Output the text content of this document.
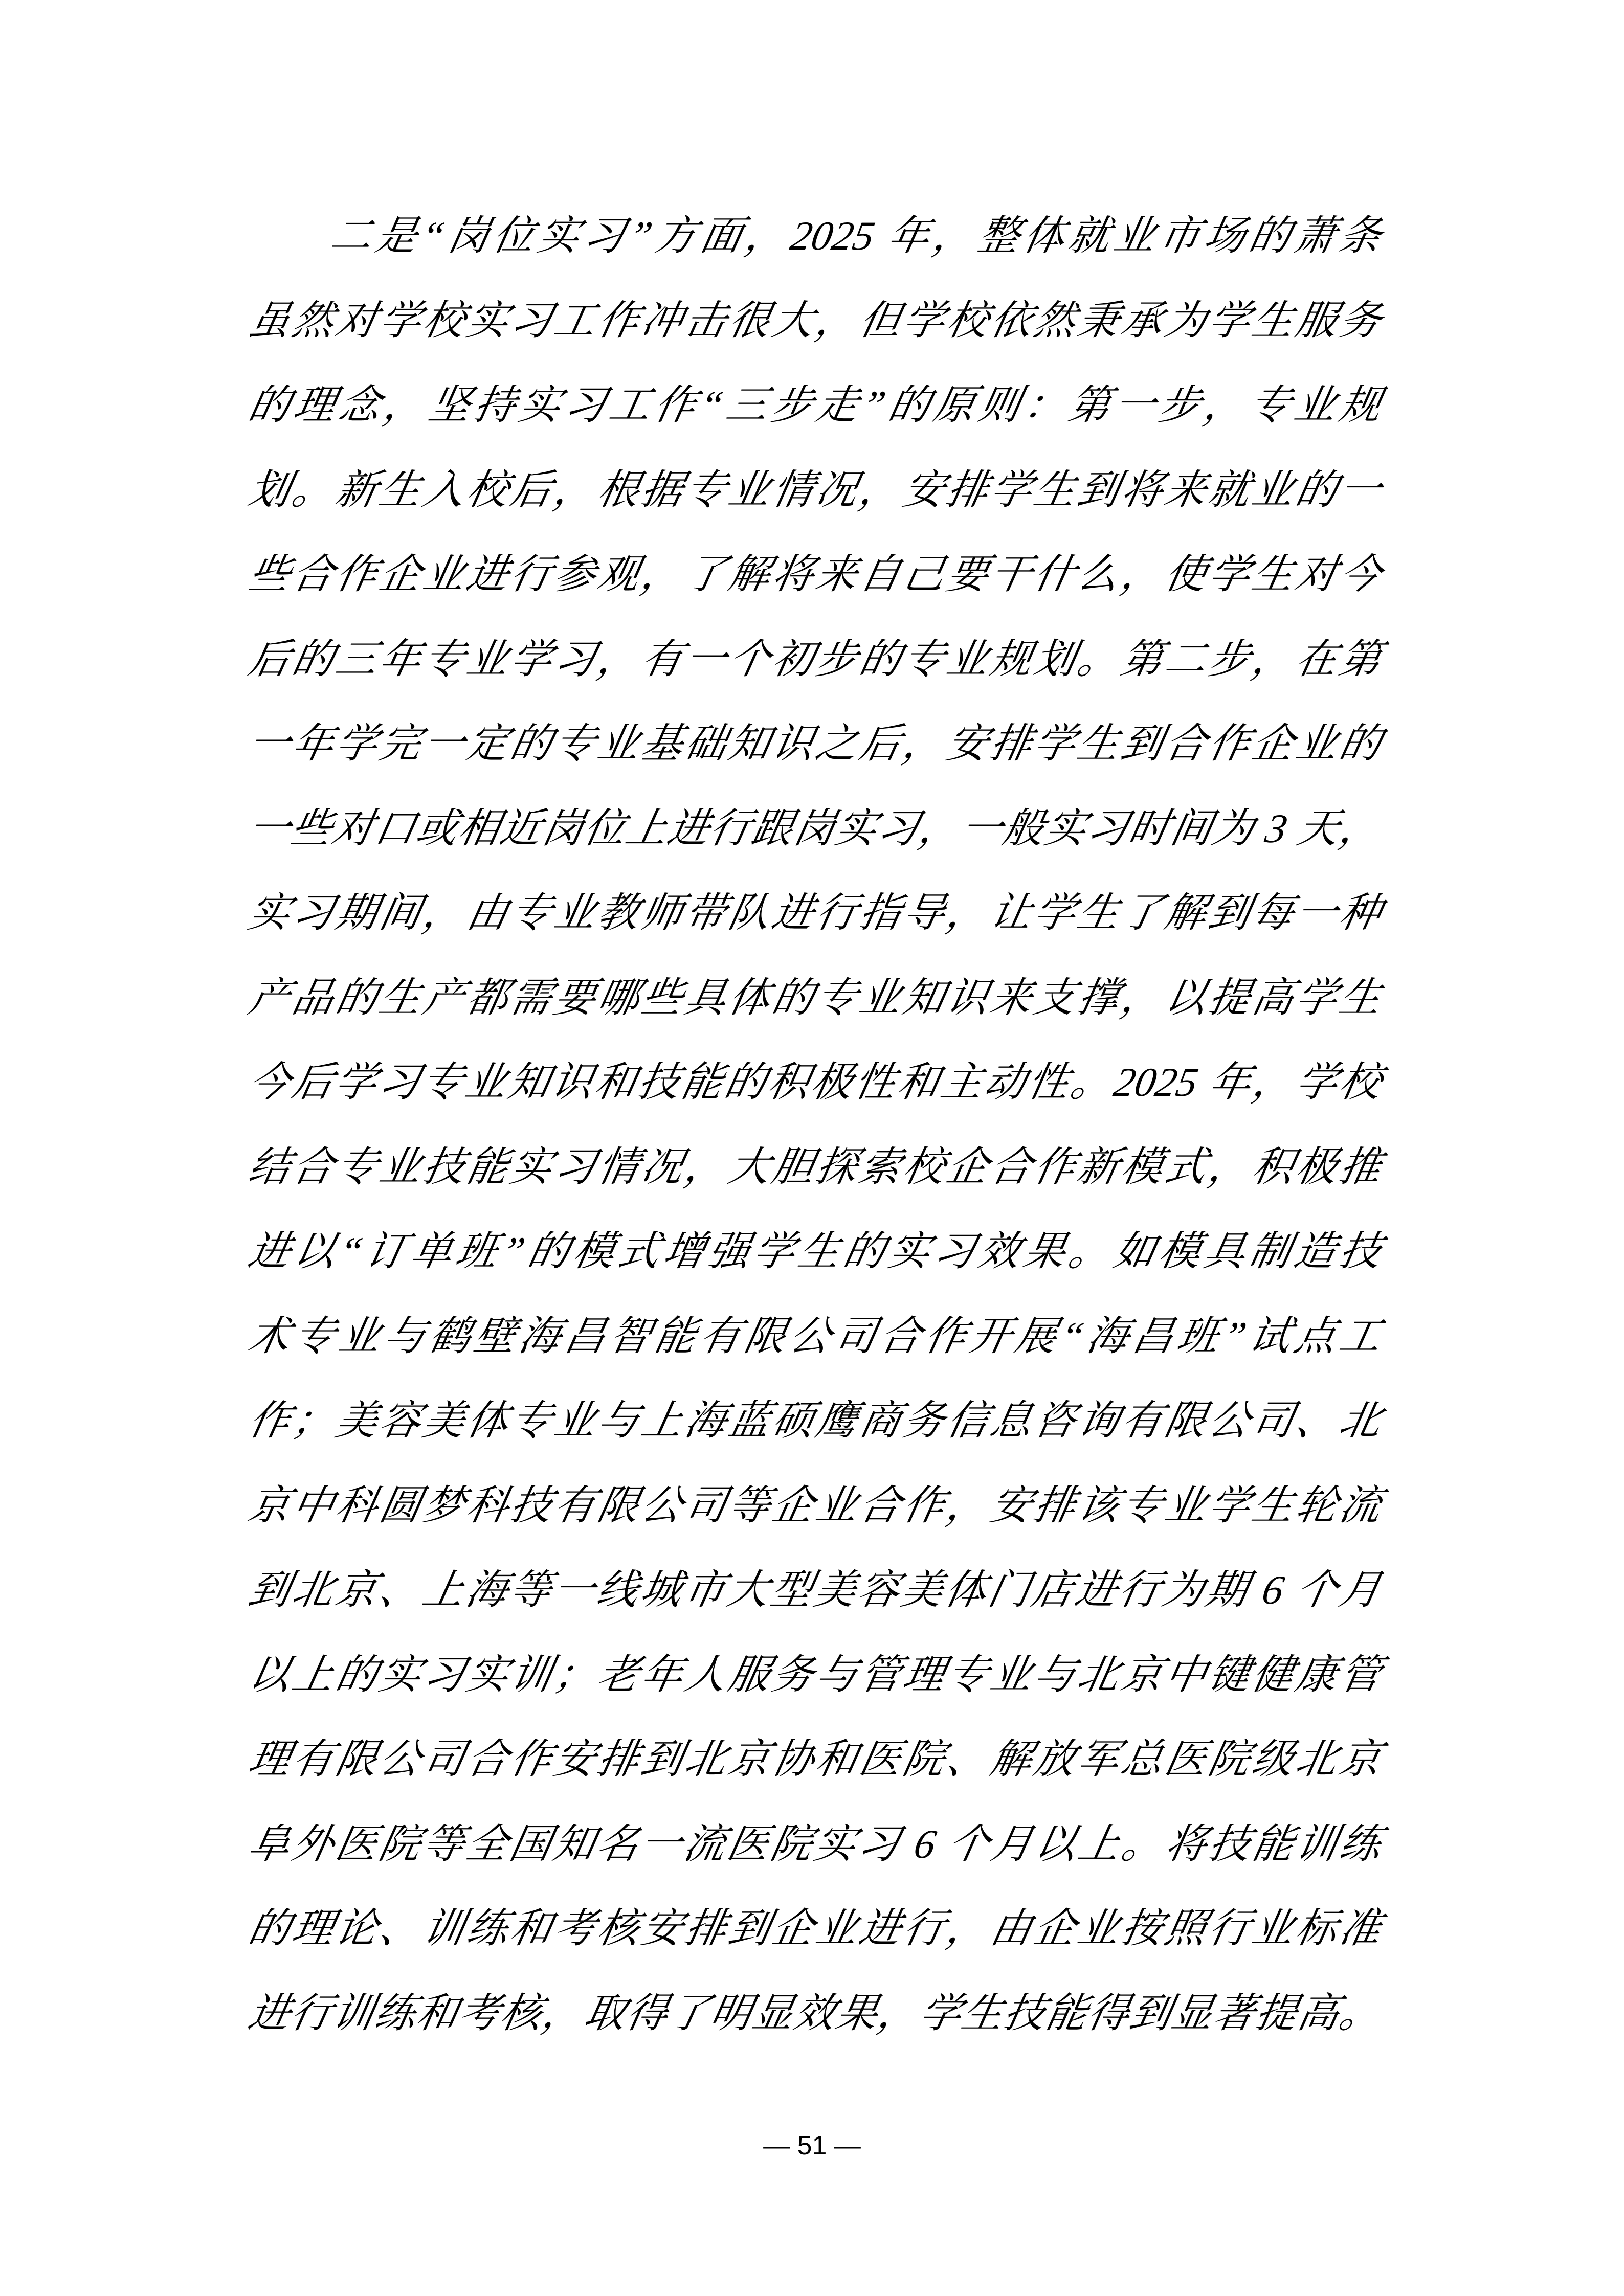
二是“岗位实习”方面，2025 年，整体就业市场的萧条
虽然对学校实习工作冲击很大，但学校依然秉承为学生服务
的理念，坚持实习工作“三步走”的原则：第一步，专业规
划。新生入校后，根据专业情况，安排学生到将来就业的一
些合作企业进行参观，了解将来自己要干什么，使学生对今
后的三年专业学习，有一个初步的专业规划。第二步，在第
一年学完一定的专业基础知识之后，安排学生到合作企业的
一些对口或相近岗位上进行跟岗实习，一般实习时间为 3 天，
实习期间，由专业教师带队进行指导，让学生了解到每一种
产品的生产都需要哪些具体的专业知识来支撑，以提高学生
今后学习专业知识和技能的积极性和主动性。2025 年，学校
结合专业技能实习情况，大胆探索校企合作新模式，积极推
进以“订单班”的模式增强学生的实习效果。如模具制造技
术专业与鹤壁海昌智能有限公司合作开展“海昌班”试点工
作；美容美体专业与上海蓝硕鹰商务信息咨询有限公司、北
京中科圆梦科技有限公司等企业合作，安排该专业学生轮流
到北京、上海等一线城市大型美容美体门店进行为期 6 个月
以上的实习实训；老年人服务与管理专业与北京中键健康管
理有限公司合作安排到北京协和医院、解放军总医院级北京
阜外医院等全国知名一流医院实习 6 个月以上。将技能训练
的理论、训练和考核安排到企业进行，由企业按照行业标准
进行训练和考核，取得了明显效果，学生技能得到显著提高。
— 51 —
